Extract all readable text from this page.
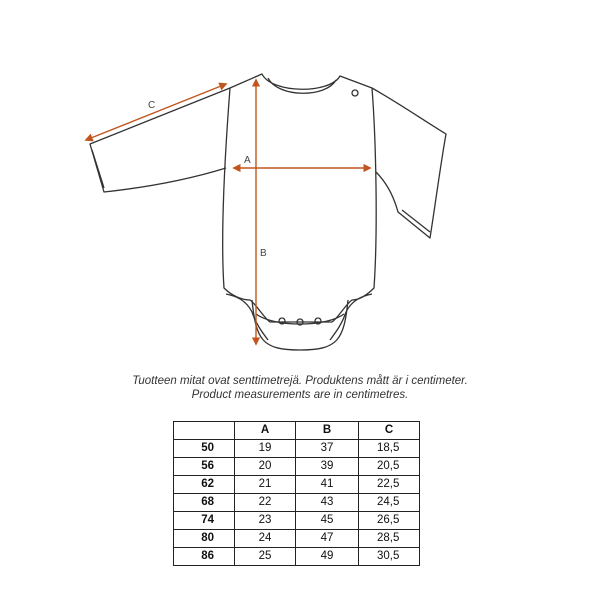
A
B
C
Tuotteen mitat ovat senttimetrejä. Produktens mått är i centimeter.
Product measurements are in centimetres.
	A	B	C
50	19	37	18,5
56	20	39	20,5
62	21	41	22,5
68	22	43	24,5
74	23	45	26,5
80	24	47	28,5
86	25	49	30,5
